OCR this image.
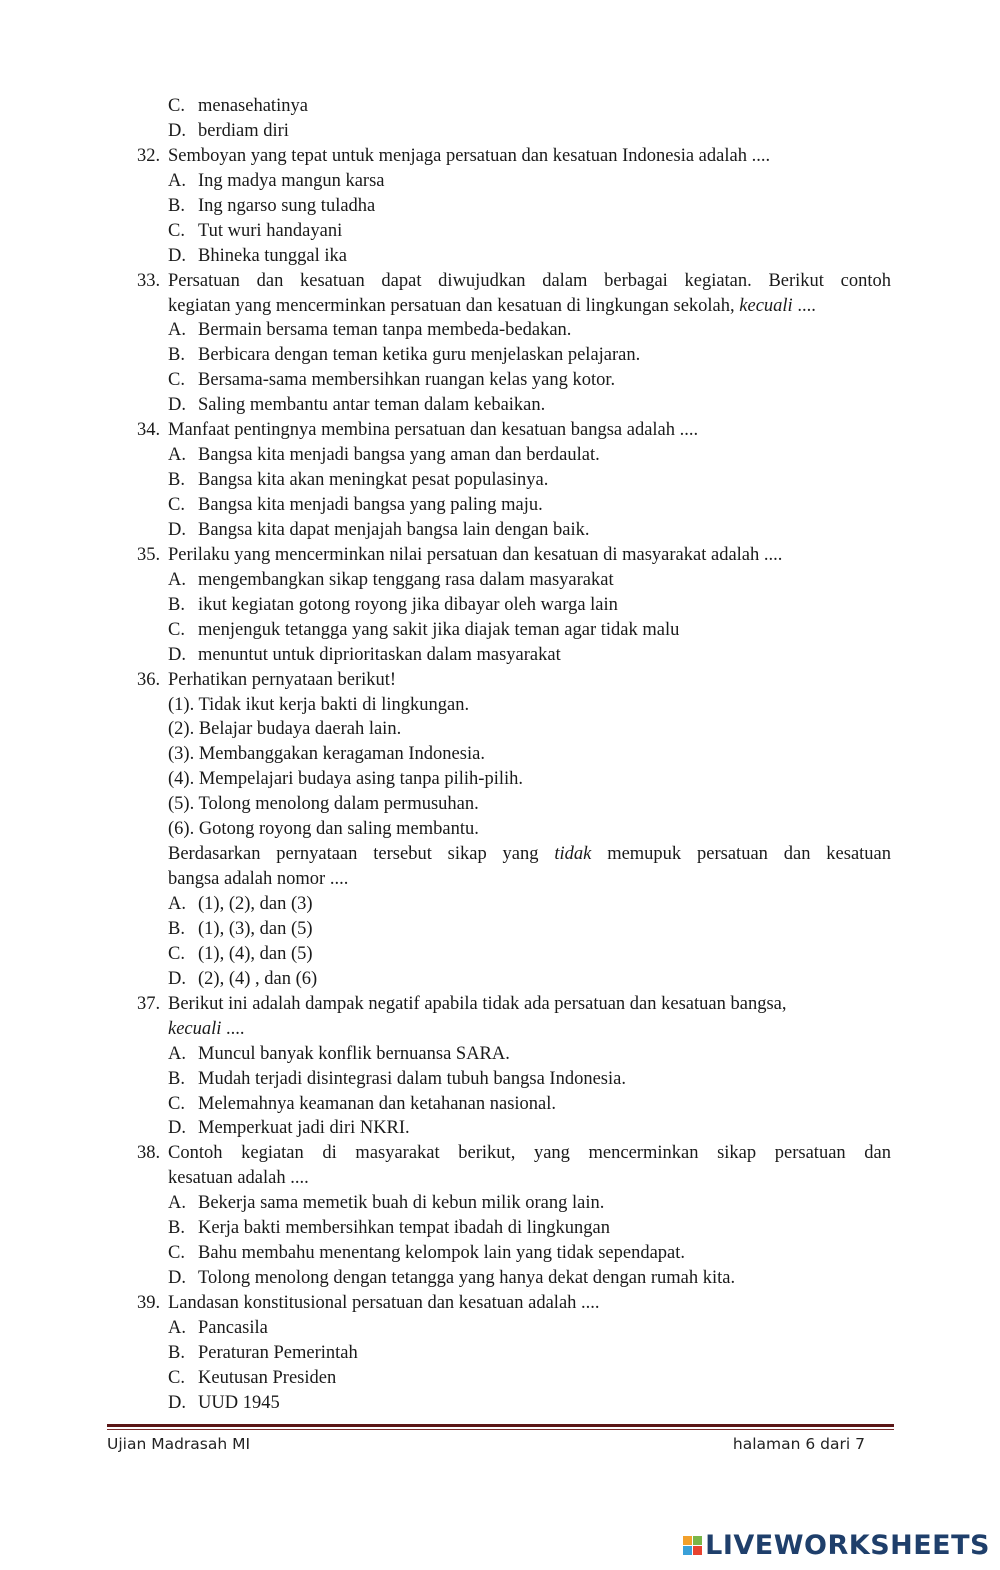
C. menasehatinya
D. berdiam diri
32. Semboyan yang tepat untuk menjaga persatuan dan kesatuan Indonesia adalah ....
A. Ing madya mangun karsa
B. Ing ngarso sung tuladha
C. Tut wuri handayani
D. Bhineka tunggal ika
33. Persatuan dan kesatuan dapat diwujudkan dalam berbagai kegiatan. Berikut contoh
kegiatan yang mencerminkan persatuan dan kesatuan di lingkungan sekolah, kecuali ....
A. Bermain bersama teman tanpa membeda-bedakan.
B. Berbicara dengan teman ketika guru menjelaskan pelajaran.
C. Bersama-sama membersihkan ruangan kelas yang kotor.
D. Saling membantu antar teman dalam kebaikan.
34. Manfaat pentingnya membina persatuan dan kesatuan bangsa adalah ....
A. Bangsa kita menjadi bangsa yang aman dan berdaulat.
B. Bangsa kita akan meningkat pesat populasinya.
C. Bangsa kita menjadi bangsa yang paling maju.
D. Bangsa kita dapat menjajah bangsa lain dengan baik.
35. Perilaku yang mencerminkan nilai persatuan dan kesatuan di masyarakat adalah ....
A. mengembangkan sikap tenggang rasa dalam masyarakat
B. ikut kegiatan gotong royong jika dibayar oleh warga lain
C. menjenguk tetangga yang sakit jika diajak teman agar tidak malu
D. menuntut untuk diprioritaskan dalam masyarakat
36. Perhatikan pernyataan berikut!
(1). Tidak ikut kerja bakti di lingkungan.
(2). Belajar budaya daerah lain.
(3). Membanggakan keragaman Indonesia.
(4). Mempelajari budaya asing tanpa pilih-pilih.
(5). Tolong menolong dalam permusuhan.
(6). Gotong royong dan saling membantu.
Berdasarkan pernyataan tersebut sikap yang tidak memupuk persatuan dan kesatuan
bangsa adalah nomor ....
A. (1), (2), dan (3)
B. (1), (3), dan (5)
C. (1), (4), dan (5)
D. (2), (4) , dan (6)
37. Berikut ini adalah dampak negatif apabila tidak ada persatuan dan kesatuan bangsa,
kecuali ....
A. Muncul banyak konflik bernuansa SARA.
B. Mudah terjadi disintegrasi dalam tubuh bangsa Indonesia.
C. Melemahnya keamanan dan ketahanan nasional.
D. Memperkuat jadi diri NKRI.
38. Contoh kegiatan di masyarakat berikut, yang mencerminkan sikap persatuan dan
kesatuan adalah ....
A. Bekerja sama memetik buah di kebun milik orang lain.
B. Kerja bakti membersihkan tempat ibadah di lingkungan
C. Bahu membahu menentang kelompok lain yang tidak sependapat.
D. Tolong menolong dengan tetangga yang hanya dekat dengan rumah kita.
39. Landasan konstitusional persatuan dan kesatuan adalah ....
A. Pancasila
B. Peraturan Pemerintah
C. Keutusan Presiden
D. UUD 1945
Ujian Madrasah MI	halaman 6 dari 7
LIVEWORKSHEETS
